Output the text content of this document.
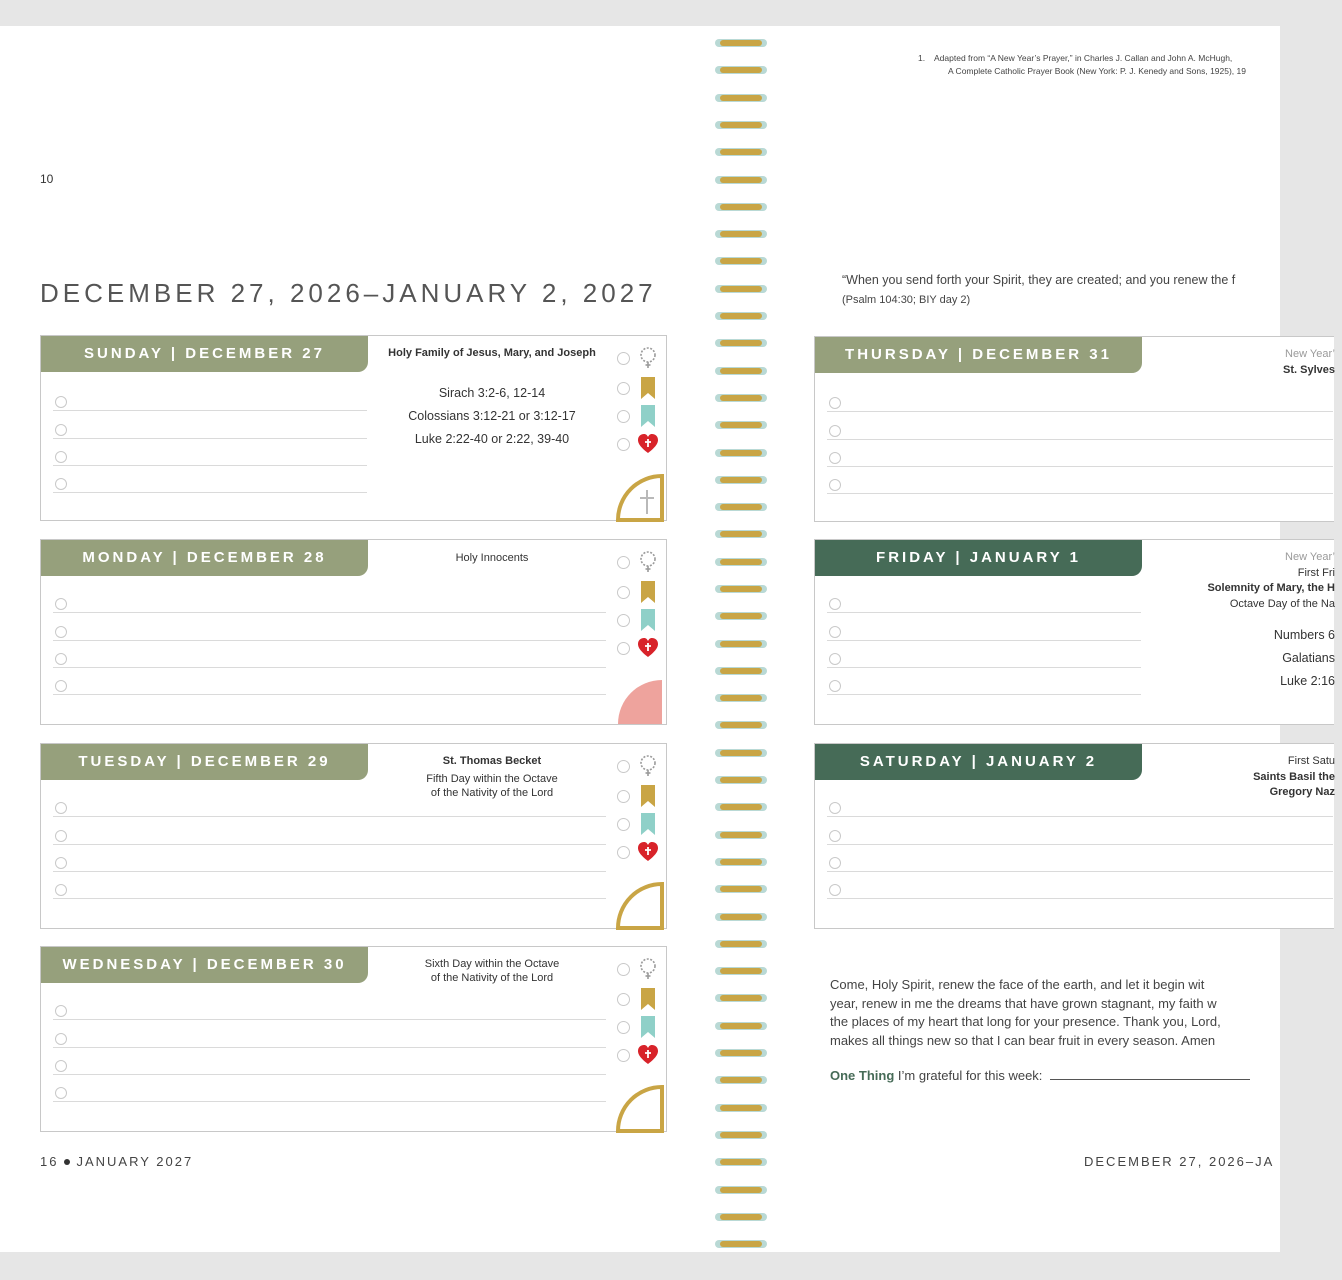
10
DECEMBER 27, 2026–JANUARY 2, 2027
SUNDAY | DECEMBER 27	Holy Family of Jesus, Mary, and Joseph
Sirach 3:2-6, 12-14
Colossians 3:12-21 or 3:12-17
Luke 2:22-40 or 2:22, 39-40
MONDAY | DECEMBER 28	Holy Innocents
TUESDAY | DECEMBER 29	St. Thomas Becket
Fifth Day within the Octave
of the Nativity of the Lord
WEDNESDAY | DECEMBER 30	Sixth Day within the Octave
of the Nativity of the Lord
16 JANUARY 2027
1. Adapted from “A New Year’s Prayer,” in Charles J. Callan and John A. McHugh,
A Complete Catholic Prayer Book (New York: P. J. Kenedy and Sons, 1925), 19
“When you send forth your Spirit, they are created; and you renew the f
(Psalm 104:30; BIY day 2)
THURSDAY | DECEMBER 31	New Year’
St. Sylves
FRIDAY | JANUARY 1	New Year’
First Fri
Solemnity of Mary, the H
Octave Day of the Na
Numbers 6
Galatians
Luke 2:16
SATURDAY | JANUARY 2	First Satu
Saints Basil the
Gregory Naz
Come, Holy Spirit, renew the face of the earth, and let it begin wit
year, renew in me the dreams that have grown stagnant, my faith w
the places of my heart that long for your presence. Thank you, Lord,
makes all things new so that I can bear fruit in every season. Amen
One Thing I’m grateful for this week:
DECEMBER 27, 2026–JA
